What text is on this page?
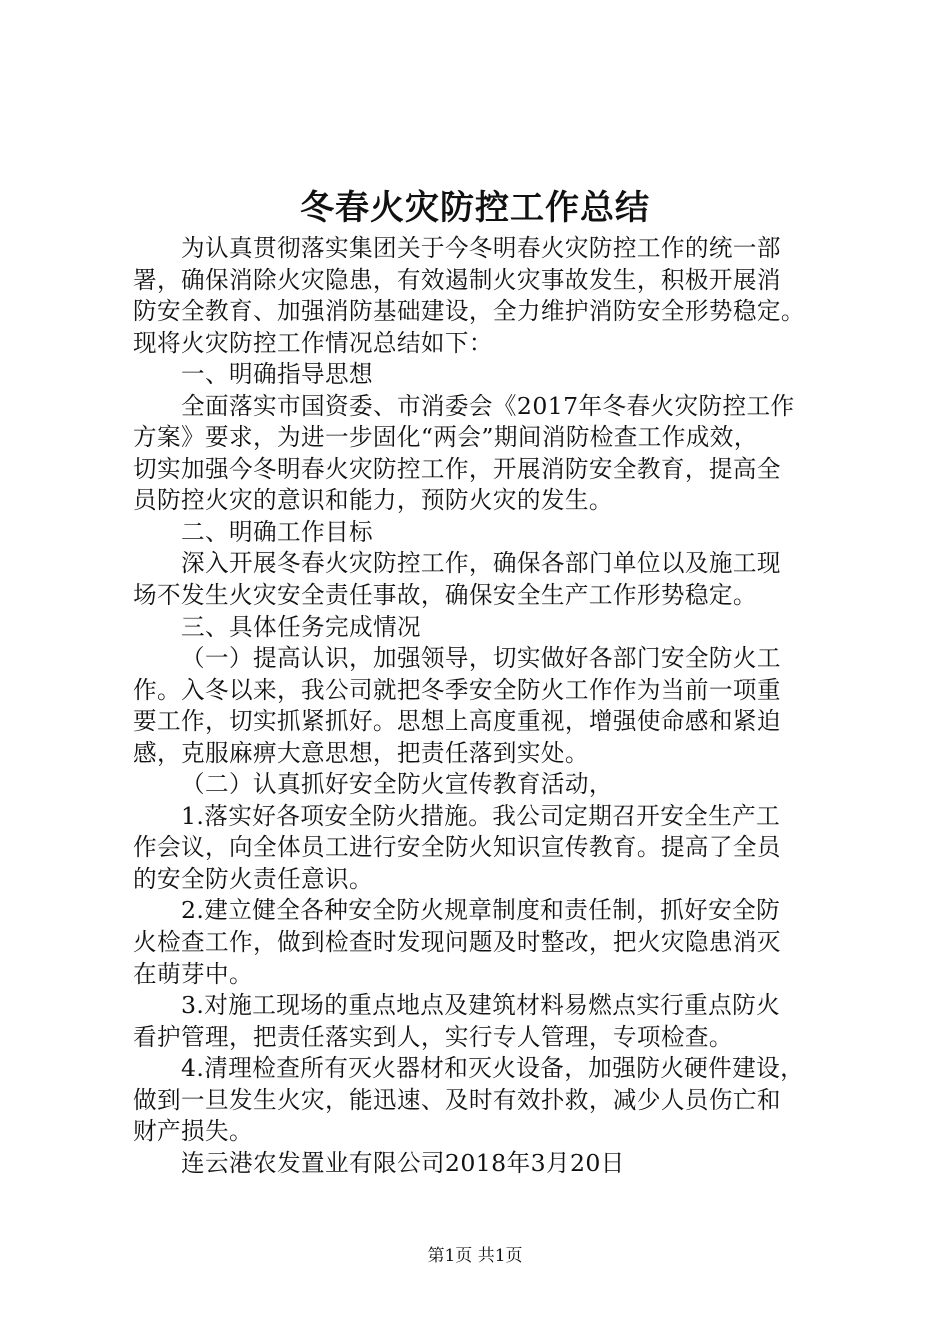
冬春火灾防控工作总结
为认真贯彻落实集团关于今冬明春火灾防控工作的统一部
署，确保消除火灾隐患，有效遏制火灾事故发生，积极开展消
防安全教育、加强消防基础建设，全力维护消防安全形势稳定。
现将火灾防控工作情况总结如下：
一、明确指导思想
全面落实市国资委、市消委会《2017年冬春火灾防控工作
方案》要求，为进一步固化“两会”期间消防检查工作成效，
切实加强今冬明春火灾防控工作，开展消防安全教育，提高全
员防控火灾的意识和能力，预防火灾的发生。
二、明确工作目标
深入开展冬春火灾防控工作，确保各部门单位以及施工现
场不发生火灾安全责任事故，确保安全生产工作形势稳定。
三、具体任务完成情况
（一）提高认识，加强领导，切实做好各部门安全防火工
作。入冬以来，我公司就把冬季安全防火工作作为当前一项重
要工作，切实抓紧抓好。思想上高度重视，增强使命感和紧迫
感，克服麻痹大意思想，把责任落到实处。
（二）认真抓好安全防火宣传教育活动，
1.落实好各项安全防火措施。我公司定期召开安全生产工
作会议，向全体员工进行安全防火知识宣传教育。提高了全员
的安全防火责任意识。
2.建立健全各种安全防火规章制度和责任制，抓好安全防
火检查工作，做到检查时发现问题及时整改，把火灾隐患消灭
在萌芽中。
3.对施工现场的重点地点及建筑材料易燃点实行重点防火
看护管理，把责任落实到人，实行专人管理，专项检查。
4.清理检查所有灭火器材和灭火设备，加强防火硬件建设，
做到一旦发生火灾，能迅速、及时有效扑救，减少人员伤亡和
财产损失。
连云港农发置业有限公司2018年3月20日
第1页 共1页
